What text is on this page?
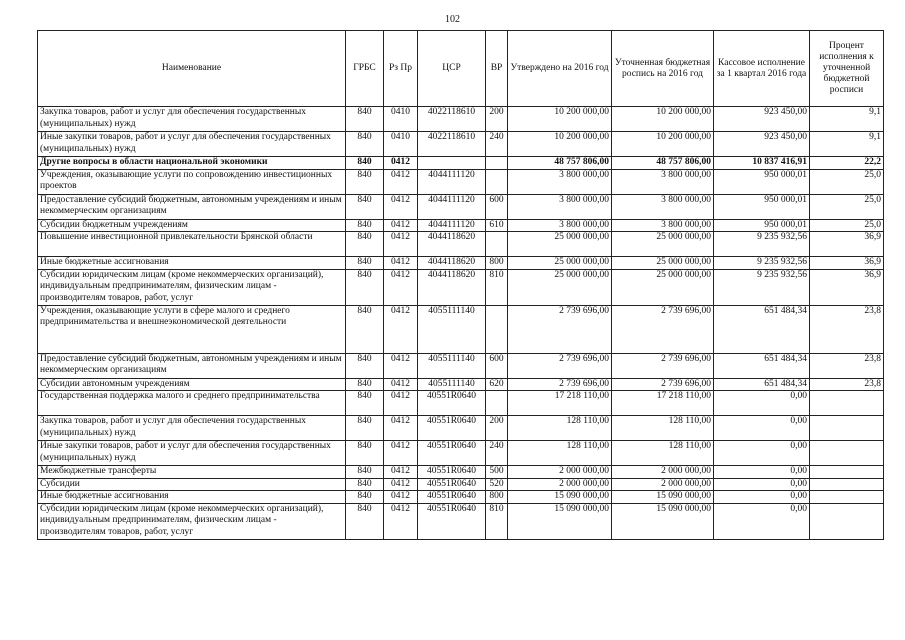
102
Наименование	ГРБС	Рз Пр	ЦСР	ВР	Утверждено на 2016 год	Уточненная бюджетная роспись на 2016 год	Кассовое исполнение за 1 квартал 2016 года	Процент исполнения к уточненной бюджетной росписи
Закупка товаров, работ и услуг для обеспечения государственных (муниципальных) нужд	840	0410	4022118610	200	10 200 000,00	10 200 000,00	923 450,00	9,1
Иные закупки товаров, работ и услуг для обеспечения государственных (муниципальных) нужд	840	0410	4022118610	240	10 200 000,00	10 200 000,00	923 450,00	9,1
Другие вопросы в области национальной экономики	840	0412			48 757 806,00	48 757 806,00	10 837 416,91	22,2
Учреждения, оказывающие услуги по сопровождению инвестиционных проектов	840	0412	4044111120		3 800 000,00	3 800 000,00	950 000,01	25,0
Предоставление субсидий бюджетным, автономным учреждениям и иным некоммерческим организациям	840	0412	4044111120	600	3 800 000,00	3 800 000,00	950 000,01	25,0
Субсидии бюджетным учреждениям	840	0412	4044111120	610	3 800 000,00	3 800 000,00	950 000,01	25,0
Повышение инвестиционной привлекательности Брянской области	840	0412	4044118620		25 000 000,00	25 000 000,00	9 235 932,56	36,9
Иные бюджетные ассигнования	840	0412	4044118620	800	25 000 000,00	25 000 000,00	9 235 932,56	36,9
Субсидии юридическим лицам (кроме некоммерческих организаций), индивидуальным предпринимателям, физическим лицам - производителям товаров, работ, услуг	840	0412	4044118620	810	25 000 000,00	25 000 000,00	9 235 932,56	36,9
Учреждения, оказывающие услуги в сфере малого и среднего предпринимательства и внешнеэкономической деятельности	840	0412	4055111140		2 739 696,00	2 739 696,00	651 484,34	23,8
Предоставление субсидий бюджетным, автономным учреждениям и иным некоммерческим организациям	840	0412	4055111140	600	2 739 696,00	2 739 696,00	651 484,34	23,8
Субсидии автономным учреждениям	840	0412	4055111140	620	2 739 696,00	2 739 696,00	651 484,34	23,8
Государственная поддержка малого и среднего предпринимательства	840	0412	40551R0640		17 218 110,00	17 218 110,00	0,00	
Закупка товаров, работ и услуг для обеспечения государственных (муниципальных) нужд	840	0412	40551R0640	200	128 110,00	128 110,00	0,00	
Иные закупки товаров, работ и услуг для обеспечения государственных (муниципальных) нужд	840	0412	40551R0640	240	128 110,00	128 110,00	0,00	
Межбюджетные трансферты	840	0412	40551R0640	500	2 000 000,00	2 000 000,00	0,00	
Субсидии	840	0412	40551R0640	520	2 000 000,00	2 000 000,00	0,00	
Иные бюджетные ассигнования	840	0412	40551R0640	800	15 090 000,00	15 090 000,00	0,00	
Субсидии юридическим лицам (кроме некоммерческих организаций), индивидуальным предпринимателям, физическим лицам - производителям товаров, работ, услуг	840	0412	40551R0640	810	15 090 000,00	15 090 000,00	0,00	
